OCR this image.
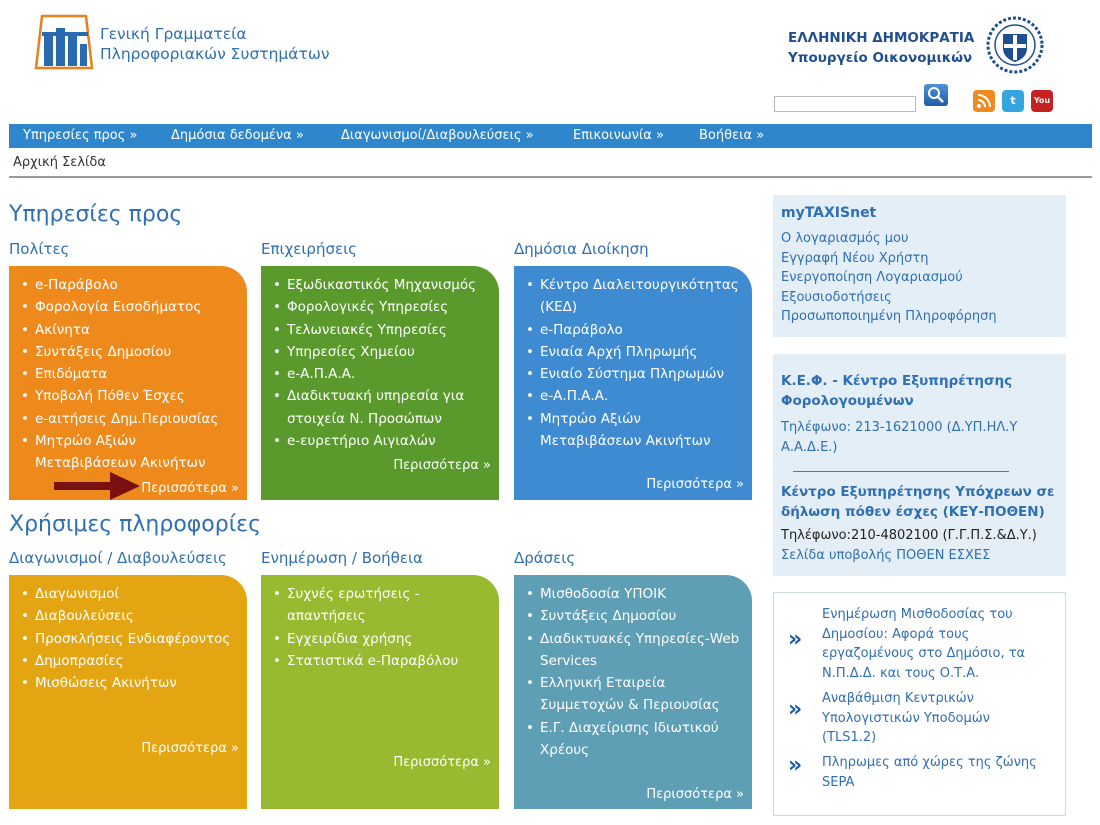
Γενική Γραμματεία
Πληροφοριακών Συστημάτων
ΕΛΛΗΝΙΚΗ ΔΗΜΟΚΡΑΤΙΑ
Υπουργείο Οικονομικών
t	You

Υπηρεσίες προς »	Δημόσια δεδομένα »	Διαγωνισμοί/Διαβουλεύσεις »	Επικοινωνία »	Βοήθεια »
Αρχική Σελίδα
Υπηρεσίες προς
Πολίτες
• e-Παράβολο
• Φορολογία Εισοδήματος
• Ακίνητα
• Συντάξεις Δημοσίου
• Επιδόματα
• Υποβολή Πόθεν Έσχες
• e-αιτήσεις Δημ.Περιουσίας
• Μητρώο Αξιών Μεταβιβάσεων Ακινήτων
Περισσότερα »
Επιχειρήσεις
• Εξωδικαστικός Μηχανισμός
• Φορολογικές Υπηρεσίες
• Τελωνειακές Υπηρεσίες
• Υπηρεσίες Χημείου
• e-Α.Π.Α.Α.
• Διαδικτυακή υπηρεσία για στοιχεία Ν. Προσώπων
• e-ευρετήριο Αιγιαλών
Περισσότερα »
Δημόσια Διοίκηση
• Κέντρο Διαλειτουργικότητας (ΚΕΔ)
• e-Παράβολο
• Ενιαία Αρχή Πληρωμής
• Ενιαίο Σύστημα Πληρωμών
• e-Α.Π.Α.Α.
• Μητρώο Αξιών Μεταβιβάσεων Ακινήτων
Περισσότερα »
Χρήσιμες πληροφορίες
Διαγωνισμοί / Διαβουλεύσεις
• Διαγωνισμοί
• Διαβουλεύσεις
• Προσκλήσεις Ενδιαφέροντος
• Δημοπρασίες
• Μισθώσεις Ακινήτων
Περισσότερα »
Ενημέρωση / Βοήθεια
• Συχνές ερωτήσεις - απαντήσεις
• Εγχειρίδια χρήσης
• Στατιστικά e-Παραβόλου
Περισσότερα »
Δράσεις
• Μισθοδοσία ΥΠΟΙΚ
• Συντάξεις Δημοσίου
• Διαδικτυακές Υπηρεσίες-Web Services
• Ελληνική Εταιρεία Συμμετοχών & Περιουσίας
• Ε.Γ. Διαχείρισης Ιδιωτικού Χρέους
Περισσότερα »
myTAXISnet
Ο λογαριασμός μου
Εγγραφή Νέου Χρήστη
Ενεργοποίηση Λογαριασμού
Εξουσιοδοτήσεις
Προσωποποιημένη Πληροφόρηση
Κ.Ε.Φ. - Κέντρο Εξυπηρέτησης Φορολογουμένων
Τηλέφωνο: 213-1621000 (Δ.ΥΠ.ΗΛ.Υ Α.Α.Δ.Ε.)
Κέντρο Εξυπηρέτησης Υπόχρεων σε δήλωση πόθεν έσχες (ΚΕΥ-ΠΟΘΕΝ)
Τηλέφωνο:210-4802100 (Γ.Γ.Π.Σ.&Δ.Υ.)
Σελίδα υποβολής ΠΟΘΕΝ ΕΣΧΕΣ
»
Ενημέρωση Μισθοδοσίας του Δημοσίου: Αφορά τους εργαζομένους στο Δημόσιο, τα Ν.Π.Δ.Δ. και τους Ο.Τ.Α.
» Αναβάθμιση Κεντρικών Υπολογιστικών Υποδομών (TLS1.2)
» Πληρωμες από χώρες της ζώνης SEPA
